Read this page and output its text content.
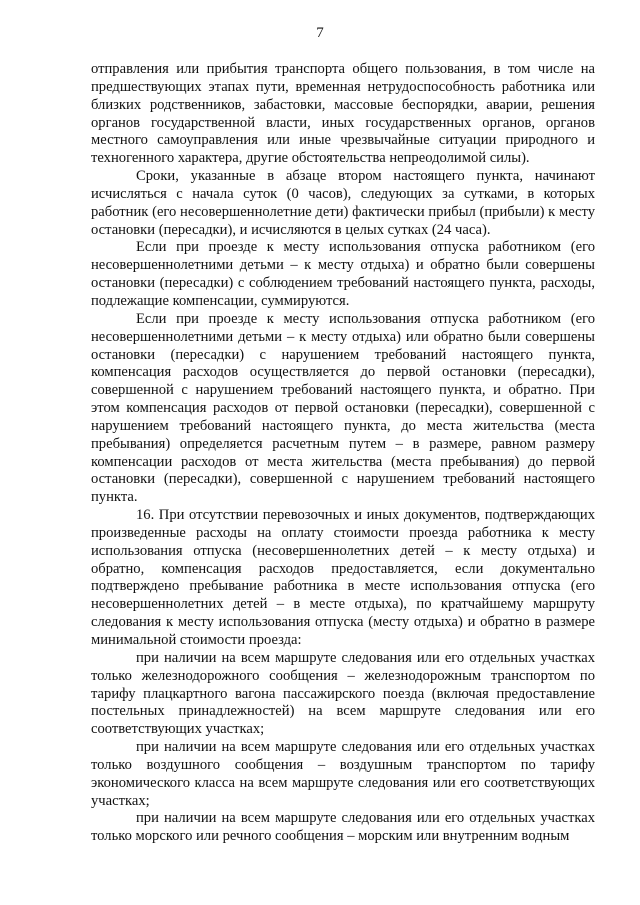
7

отправления или прибытия транспорта общего пользования, в том числе на предшествующих этапах пути, временная нетрудоспособность работника или близких родственников, забастовки, массовые беспорядки, аварии, решения органов государственной власти, иных государственных органов, органов местного самоуправления или иные чрезвычайные ситуации природного и техногенного характера, другие обстоятельства непреодолимой силы).

Сроки, указанные в абзаце втором настоящего пункта, начинают исчисляться с начала суток (0 часов), следующих за сутками, в которых работник (его несовершеннолетние дети) фактически прибыл (прибыли) к месту остановки (пересадки), и исчисляются в целых сутках (24 часа).

Если при проезде к месту использования отпуска работником (его несовершеннолетними детьми – к месту отдыха) и обратно были совершены остановки (пересадки) с соблюдением требований настоящего пункта, расходы, подлежащие компенсации, суммируются.

Если при проезде к месту использования отпуска работником (его несовершеннолетними детьми – к месту отдыха) или обратно были совершены остановки (пересадки) с нарушением требований настоящего пункта, компенсация расходов осуществляется до первой остановки (пересадки), совершенной с нарушением требований настоящего пункта, и обратно. При этом компенсация расходов от первой остановки (пересадки), совершенной с нарушением требований настоящего пункта, до места жительства (места пребывания) определяется расчетным путем – в размере, равном размеру компенсации расходов от места жительства (места пребывания) до первой остановки (пересадки), совершенной с нарушением требований настоящего пункта.

16. При отсутствии перевозочных и иных документов, подтверждающих произведенные расходы на оплату стоимости проезда работника к месту использования отпуска (несовершеннолетних детей – к месту отдыха) и обратно, компенсация расходов предоставляется, если документально подтверждено пребывание работника в месте использования отпуска (его несовершеннолетних детей – в месте отдыха), по кратчайшему маршруту следования к месту использования отпуска (месту отдыха) и обратно в размере минимальной стоимости проезда:

при наличии на всем маршруте следования или его отдельных участках только железнодорожного сообщения – железнодорожным транспортом по тарифу плацкартного вагона пассажирского поезда (включая предоставление постельных принадлежностей) на всем маршруте следования или его соответствующих участках;

при наличии на всем маршруте следования или его отдельных участках только воздушного сообщения – воздушным транспортом по тарифу экономического класса на всем маршруте следования или его соответствующих участках;

при наличии на всем маршруте следования или его отдельных участках только морского или речного сообщения – морским или внутренним водным
